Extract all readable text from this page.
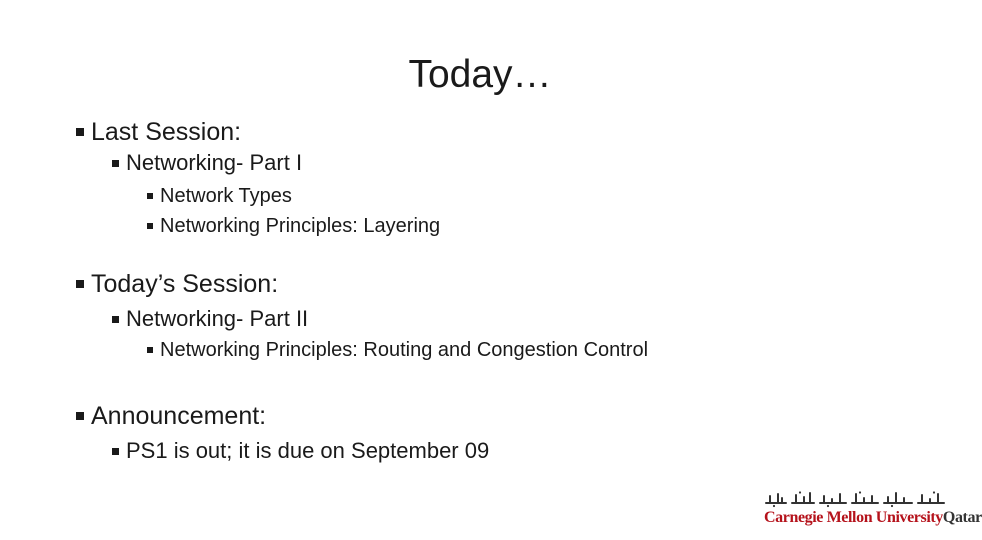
Today…
Last Session:
Networking- Part I
Network Types
Networking Principles: Layering
Today’s Session:
Networking- Part II
Networking Principles: Routing and Congestion Control
Announcement:
PS1 is out; it is due on September 09
Carnegie Mellon UniversityQatar
